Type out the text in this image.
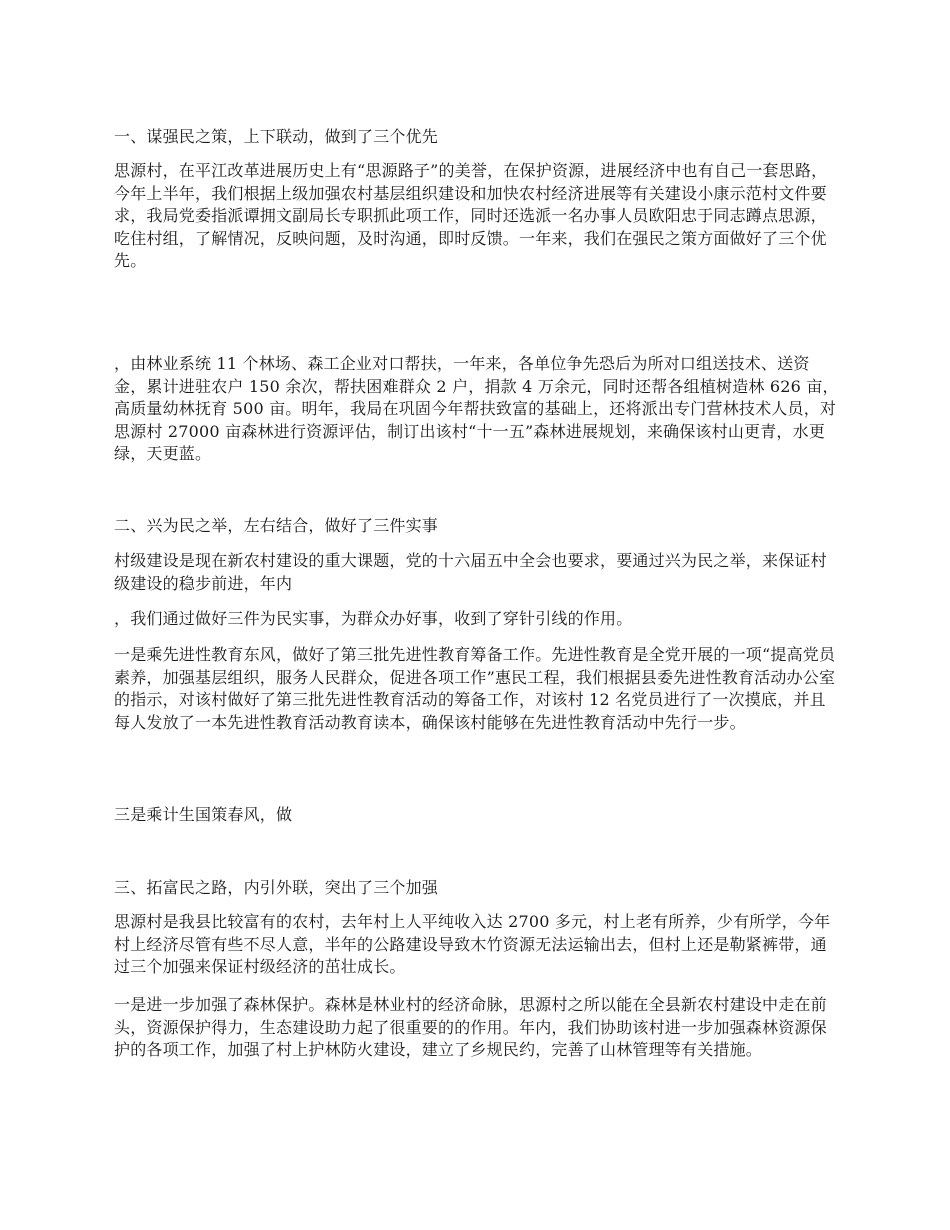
一、谋强民之策，上下联动，做到了三个优先

思源村，在平江改革进展历史上有“思源路子”的美誉，在保护资源，进展经济中也有自己一套思路，今年上半年，我们根据上级加强农村基层组织建设和加快农村经济进展等有关建设小康示范村文件要求，我局党委指派谭拥文副局长专职抓此项工作，同时还选派一名办事人员欧阳忠于同志蹲点思源，吃住村组，了解情况，反映问题，及时沟通，即时反馈。一年来，我们在强民之策方面做好了三个优先。

，由林业系统 11 个林场、森工企业对口帮扶，一年来，各单位争先恐后为所对口组送技术、送资金，累计进驻农户 150 余次，帮扶困难群众 2 户，捐款 4 万余元，同时还帮各组植树造林 626 亩，高质量幼林抚育 500 亩。明年，我局在巩固今年帮扶致富的基础上，还将派出专门营林技术人员，对思源村 27000 亩森林进行资源评估，制订出该村“十一五”森林进展规划，来确保该村山更青，水更绿，天更蓝。

二、兴为民之举，左右结合，做好了三件实事

村级建设是现在新农村建设的重大课题，党的十六届五中全会也要求，要通过兴为民之举，来保证村级建设的稳步前进，年内

，我们通过做好三件为民实事，为群众办好事，收到了穿针引线的作用。

一是乘先进性教育东风，做好了第三批先进性教育筹备工作。先进性教育是全党开展的一项“提高党员素养，加强基层组织，服务人民群众，促进各项工作”惠民工程，我们根据县委先进性教育活动办公室的指示，对该村做好了第三批先进性教育活动的筹备工作，对该村 12 名党员进行了一次摸底，并且每人发放了一本先进性教育活动教育读本，确保该村能够在先进性教育活动中先行一步。

三是乘计生国策春风，做

三、拓富民之路，内引外联，突出了三个加强

思源村是我县比较富有的农村，去年村上人平纯收入达 2700 多元，村上老有所养，少有所学，今年村上经济尽管有些不尽人意，半年的公路建设导致木竹资源无法运输出去，但村上还是勒紧裤带，通过三个加强来保证村级经济的茁壮成长。

一是进一步加强了森林保护。森林是林业村的经济命脉，思源村之所以能在全县新农村建设中走在前头，资源保护得力，生态建设助力起了很重要的的作用。年内，我们协助该村进一步加强森林资源保护的各项工作，加强了村上护林防火建设，建立了乡规民约，完善了山林管理等有关措施。
